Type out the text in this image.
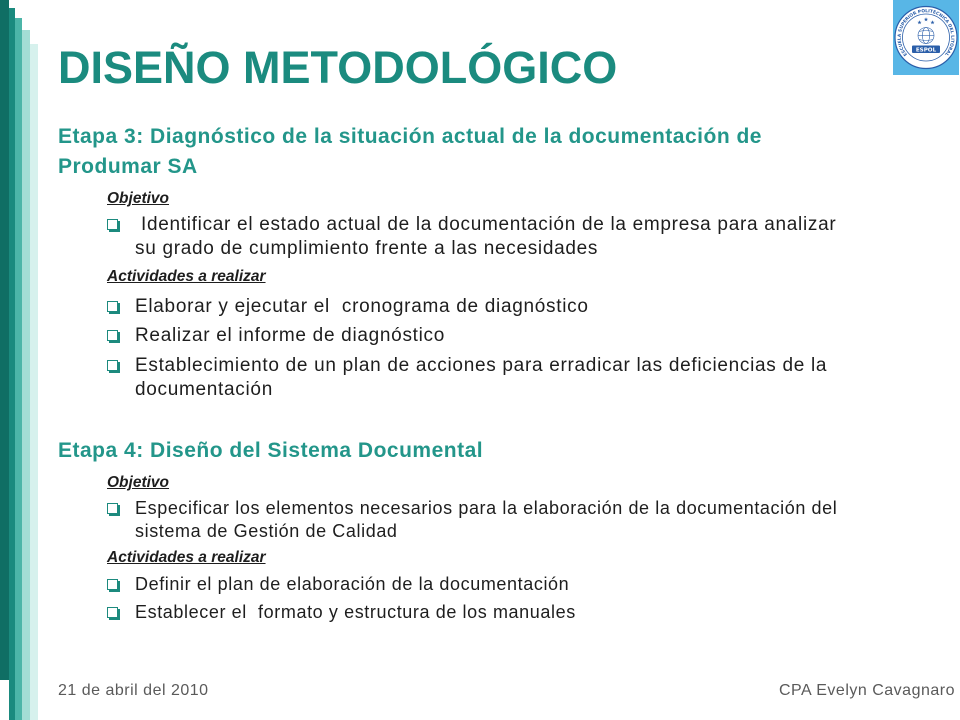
ESCUELA SUPERIOR POLITECNICA DEL LITORAL
ESPOL
DISEÑO METODOLÓGICO
Etapa 3: Diagnóstico de la situación actual de la documentación de Produmar SA
Objetivo
Identificar el estado actual de la documentación de la empresa para analizar su grado de cumplimiento frente a las necesidades
Actividades a realizar
Elaborar y ejecutar el  cronograma de diagnóstico
Realizar el informe de diagnóstico
Establecimiento de un plan de acciones para erradicar las deficiencias de la documentación
Etapa 4: Diseño del Sistema Documental
Objetivo
Especificar los elementos necesarios para la elaboración de la documentación del sistema de Gestión de Calidad
Actividades a realizar
Definir el plan de elaboración de la documentación
Establecer el  formato y estructura de los manuales
21 de abril del 2010	CPA Evelyn Cavagnaro
